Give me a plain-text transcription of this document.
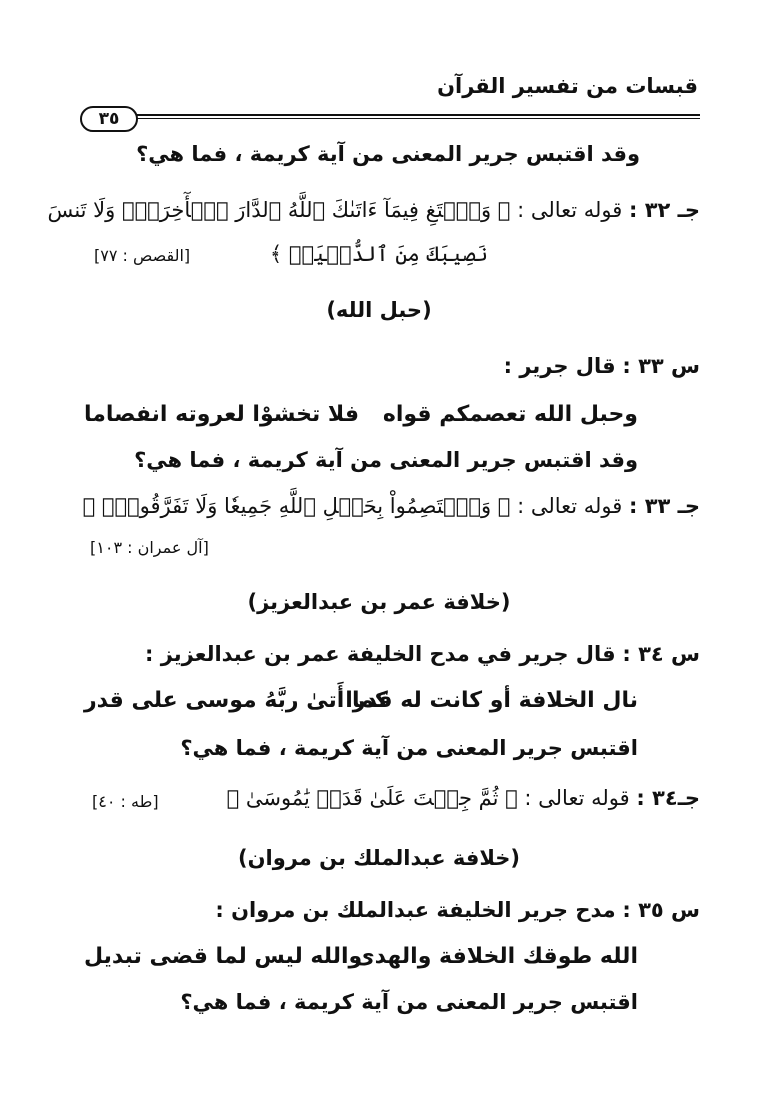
قبسات من تفسير القرآن
٣٥
وقد اقتبس جرير المعنى من آية كريمة ، فما هي؟
جـ ٣٢ : قوله تعالى : ﴿ وَٱبۡتَغِ فِيمَآ ءَاتَىٰكَ ٱللَّهُ ٱلدَّارَ ٱلۡأٓخِرَةَۖ وَلَا تَنسَ
نَصِيبَكَ مِنَ ٱلدُّنۡيَاۖ ﴾
[القصص : ٧٧]
(حبل الله)
س ٣٣ : قال جرير :
وحبل الله تعصمكم قواه
فلا تخشوْا لعروته انفصاما
وقد اقتبس جرير المعنى من آية كريمة ، فما هي؟
جـ ٣٣ : قوله تعالى : ﴿ وَٱعۡتَصِمُواْ بِحَبۡلِ ٱللَّهِ جَمِيعٗا وَلَا تَفَرَّقُواْۚ ﴾
[آل عمران : ١٠٣]
(خلافة عمر بن عبدالعزيز)
س ٣٤ : قال جرير في مدح الخليفة عمر بن عبدالعزيز :
نال الخلافة أو كانت له قدرا
كما أَتىٰ ربَّهُ موسى على قدر
اقتبس جرير المعنى من آية كريمة ، فما هي؟
جـ٣٤ : قوله تعالى : ﴿ ثُمَّ جِئۡتَ عَلَىٰ قَدَرٖ يَٰمُوسَىٰ ﴾
[طه : ٤٠]
(خلافة عبدالملك بن مروان)
س ٣٥ : مدح جرير الخليفة عبدالملك بن مروان :
الله طوقك الخلافة والهدى
والله ليس لما قضى تبديل
اقتبس جرير المعنى من آية كريمة ، فما هي؟
